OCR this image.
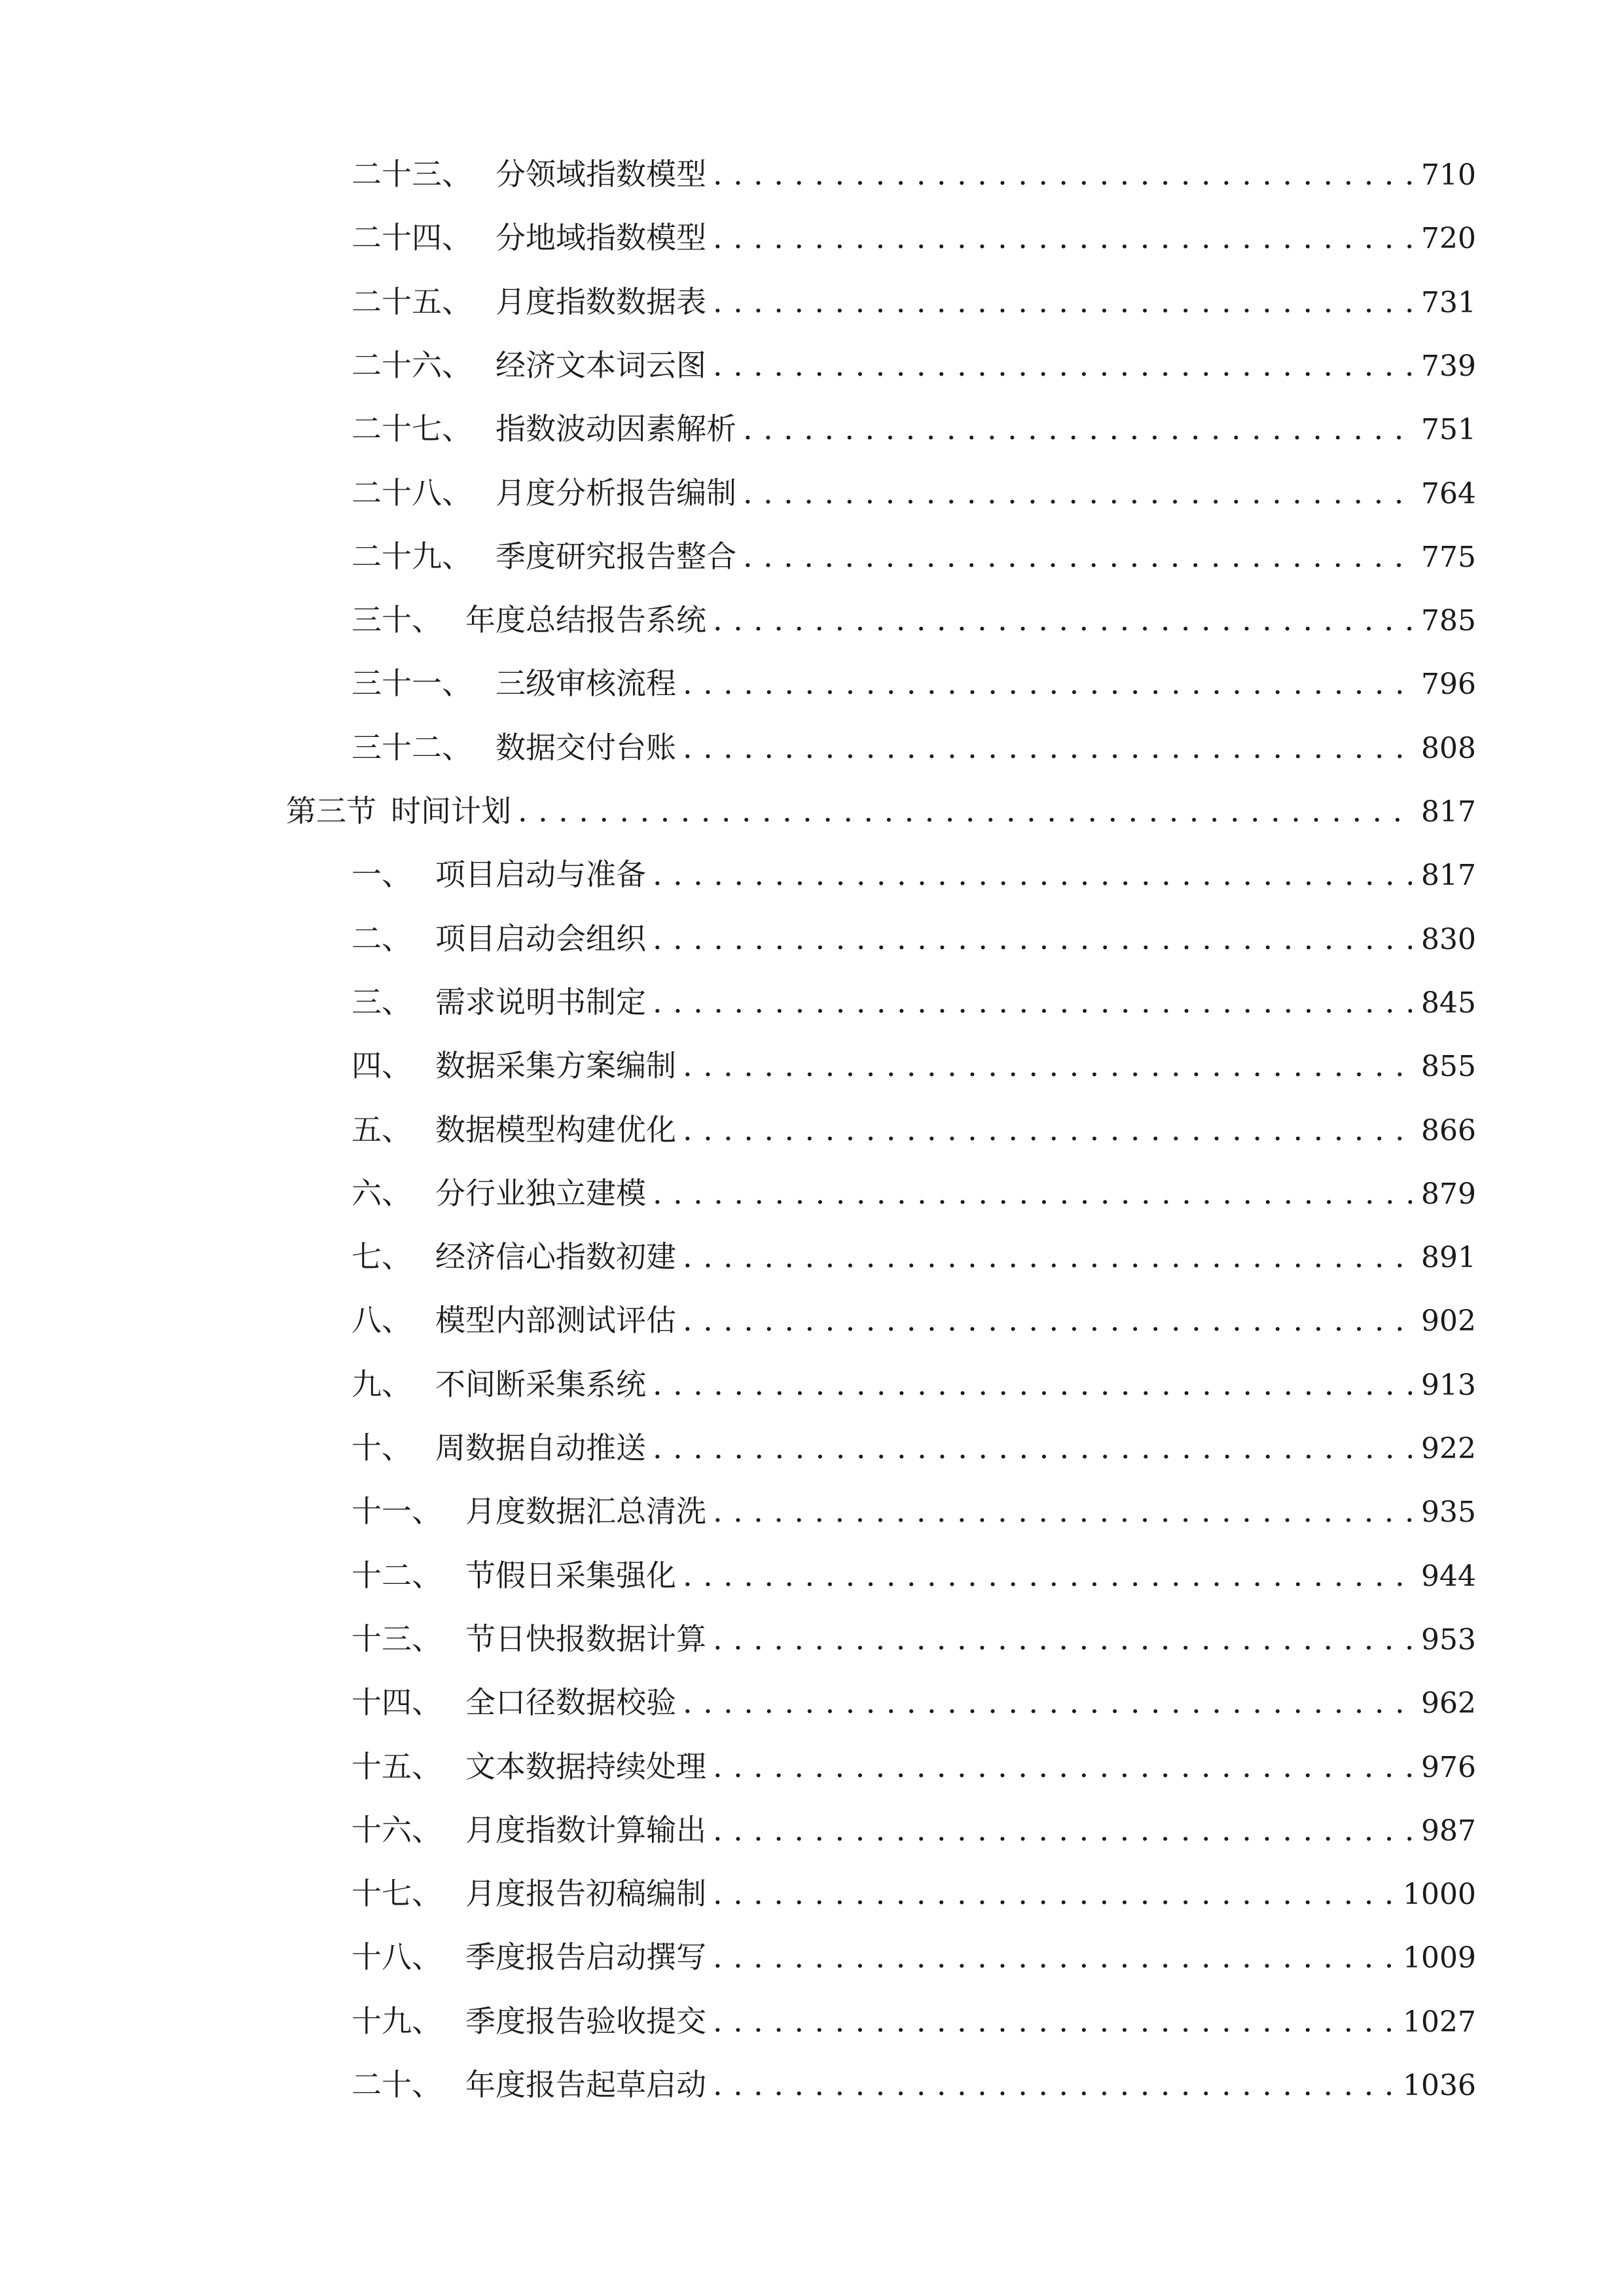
二十三、 分领域指数模型 . . .	710
二十四、 分地域指数模型 . . .	720
二十五、 月度指数数据表 . . .	731
二十六、 经济文本词云图 . . .	739
二十七、 指数波动因素解析 . . .	751
二十八、 月度分析报告编制 . . .	764
二十九、 季度研究报告整合 . . .	775
三十、 年度总结报告系统 . . .	785
三十一、 三级审核流程 . . .	796
三十二、 数据交付台账 . . .	808
第三节 时间计划 . . .	817
一、 项目启动与准备 . . .	817
二、 项目启动会组织 . . .	830
三、 需求说明书制定 . . .	845
四、 数据采集方案编制 . . .	855
五、 数据模型构建优化 . . .	866
六、 分行业独立建模 . . .	879
七、 经济信心指数初建 . . .	891
八、 模型内部测试评估 . . .	902
九、 不间断采集系统 . . .	913
十、 周数据自动推送 . . .	922
十一、 月度数据汇总清洗 . . .	935
十二、 节假日采集强化 . . .	944
十三、 节日快报数据计算 . . .	953
十四、 全口径数据校验 . . .	962
十五、 文本数据持续处理 . . .	976
十六、 月度指数计算输出 . . .	987
十七、 月度报告初稿编制 . . .	1000
十八、 季度报告启动撰写 . . .	1009
十九、 季度报告验收提交 . . .	1027
二十、 年度报告起草启动 . . .	1036
